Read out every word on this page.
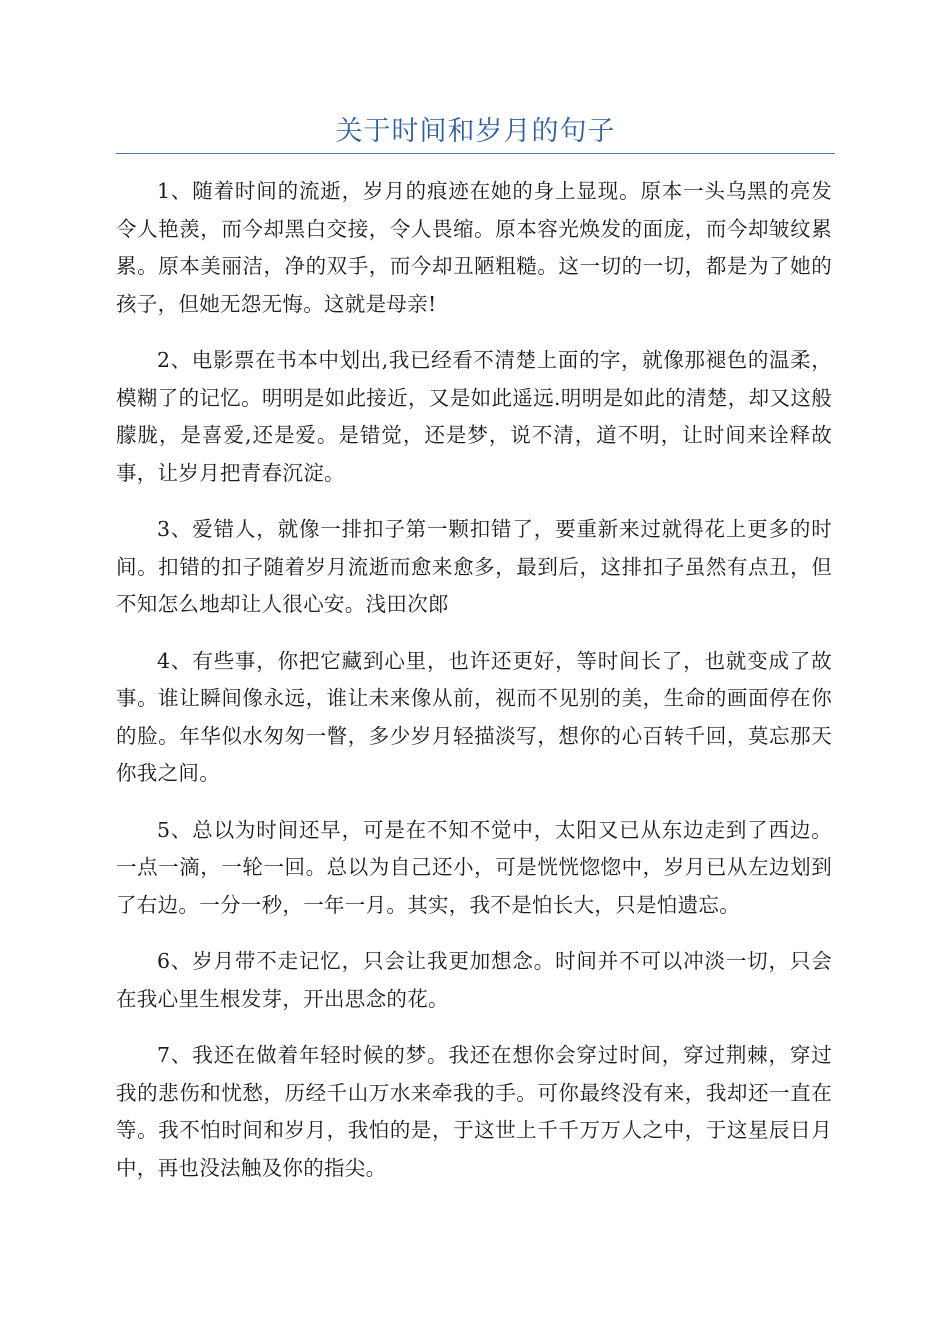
关于时间和岁月的句子

1、随着时间的流逝，岁月的痕迹在她的身上显现。原本一头乌黑的亮发令人艳羡，而今却黑白交接，令人畏缩。原本容光焕发的面庞，而今却皱纹累累。原本美丽洁，净的双手，而今却丑陋粗糙。这一切的一切，都是为了她的孩子，但她无怨无悔。这就是母亲!

2、电影票在书本中划出,我已经看不清楚上面的字，就像那褪色的温柔，模糊了的记忆。明明是如此接近，又是如此遥远.明明是如此的清楚，却又这般朦胧，是喜爱,还是爱。是错觉，还是梦，说不清，道不明，让时间来诠释故事，让岁月把青春沉淀。

3、爱错人，就像一排扣子第一颗扣错了，要重新来过就得花上更多的时间。扣错的扣子随着岁月流逝而愈来愈多，最到后，这排扣子虽然有点丑，但不知怎么地却让人很心安。浅田次郎

4、有些事，你把它藏到心里，也许还更好，等时间长了，也就变成了故事。谁让瞬间像永远，谁让未来像从前，视而不见别的美，生命的画面停在你的脸。年华似水匆匆一瞥，多少岁月轻描淡写，想你的心百转千回，莫忘那天你我之间。

5、总以为时间还早，可是在不知不觉中，太阳又已从东边走到了西边。一点一滴，一轮一回。总以为自己还小，可是恍恍惚惚中，岁月已从左边划到了右边。一分一秒，一年一月。其实，我不是怕长大，只是怕遗忘。

6、岁月带不走记忆，只会让我更加想念。时间并不可以冲淡一切，只会在我心里生根发芽，开出思念的花。

7、我还在做着年轻时候的梦。我还在想你会穿过时间，穿过荆棘，穿过我的悲伤和忧愁，历经千山万水来牵我的手。可你最终没有来，我却还一直在等。我不怕时间和岁月，我怕的是，于这世上千千万万人之中，于这星辰日月中，再也没法触及你的指尖。
